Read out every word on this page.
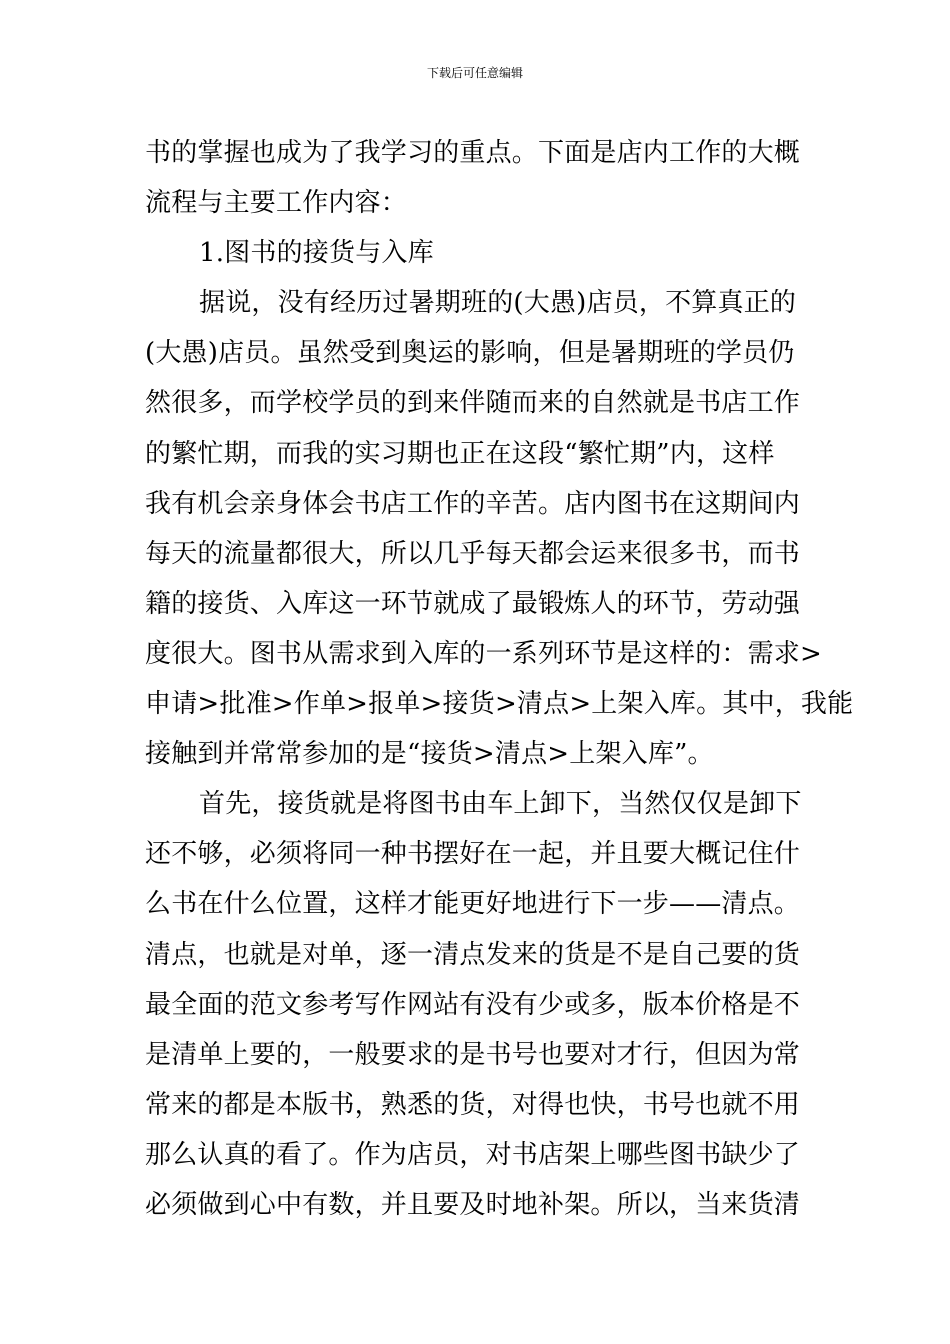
下载后可任意编辑
书的掌握也成为了我学习的重点。下面是店内工作的大概
流程与主要工作内容：
1.图书的接货与入库
据说，没有经历过暑期班的(大愚)店员，不算真正的
(大愚)店员。虽然受到奥运的影响，但是暑期班的学员仍
然很多，而学校学员的到来伴随而来的自然就是书店工作
的繁忙期，而我的实习期也正在这段“繁忙期”内，这样
我有机会亲身体会书店工作的辛苦。店内图书在这期间内
每天的流量都很大，所以几乎每天都会运来很多书，而书
籍的接货、入库这一环节就成了最锻炼人的环节，劳动强
度很大。图书从需求到入库的一系列环节是这样的：需求>
申请>批准>作单>报单>接货>清点>上架入库。其中，我能
接触到并常常参加的是“接货>清点>上架入库”。
首先，接货就是将图书由车上卸下，当然仅仅是卸下
还不够，必须将同一种书摆好在一起，并且要大概记住什
么书在什么位置，这样才能更好地进行下一步——清点。
清点，也就是对单，逐一清点发来的货是不是自己要的货
最全面的范文参考写作网站有没有少或多，版本价格是不
是清单上要的，一般要求的是书号也要对才行，但因为常
常来的都是本版书，熟悉的货，对得也快，书号也就不用
那么认真的看了。作为店员，对书店架上哪些图书缺少了
必须做到心中有数，并且要及时地补架。所以，当来货清
